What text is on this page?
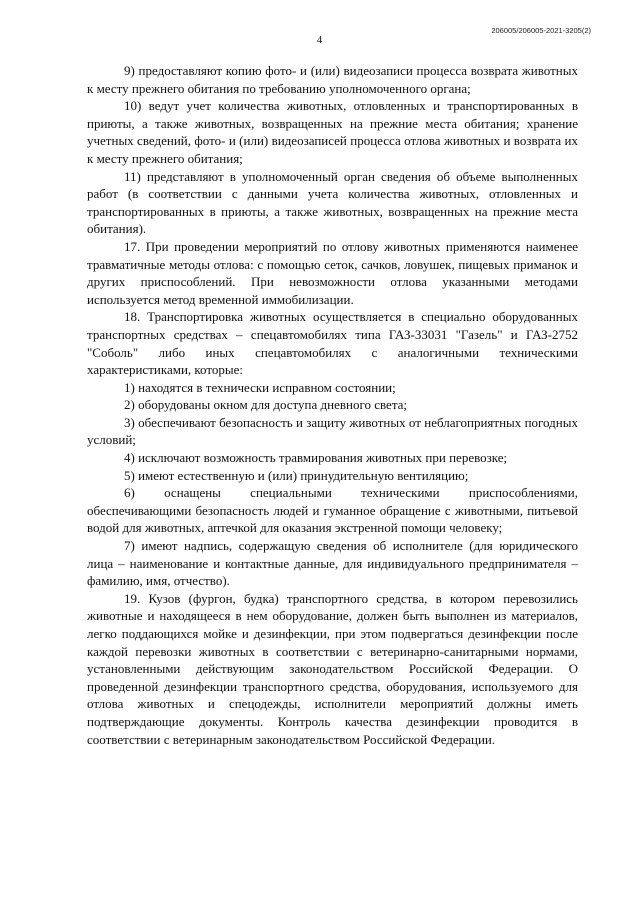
206005/206005-2021-3205(2)
4

9) предоставляют копию фото- и (или) видеозаписи процесса возврата животных к месту прежнего обитания по требованию уполномоченного органа;

10) ведут учет количества животных, отловленных и транспортированных в приюты, а также животных, возвращенных на прежние места обитания; хранение учетных сведений, фото- и (или) видеозаписей процесса отлова животных и возврата их к месту прежнего обитания;

11) представляют в уполномоченный орган сведения об объеме выполненных работ (в соответствии с данными учета количества животных, отловленных и транспортированных в приюты, а также животных, возвращенных на прежние места обитания).

17. При проведении мероприятий по отлову животных применяются наименее травматичные методы отлова: с помощью сеток, сачков, ловушек, пищевых приманок и других приспособлений. При невозможности отлова указанными методами используется метод временной иммобилизации.

18. Транспортировка животных осуществляется в специально оборудованных транспортных средствах – спецавтомобилях типа ГАЗ-33031 "Газель" и ГАЗ-2752 "Соболь" либо иных спецавтомобилях с аналогичными техническими характеристиками, которые:

1) находятся в технически исправном состоянии;

2) оборудованы окном для доступа дневного света;

3) обеспечивают безопасность и защиту животных от неблагоприятных погодных условий;

4) исключают возможность травмирования животных при перевозке;

5) имеют естественную и (или) принудительную вентиляцию;

6) оснащены специальными техническими приспособлениями, обеспечивающими безопасность людей и гуманное обращение с животными, питьевой водой для животных, аптечкой для оказания экстренной помощи человеку;

7) имеют надпись, содержащую сведения об исполнителе (для юридического лица – наименование и контактные данные, для индивидуального предпринимателя – фамилию, имя, отчество).

19. Кузов (фургон, будка) транспортного средства, в котором перевозились животные и находящееся в нем оборудование, должен быть выполнен из материалов, легко поддающихся мойке и дезинфекции, при этом подвергаться дезинфекции после каждой перевозки животных в соответствии с ветеринарно-санитарными нормами, установленными действующим законодательством Российской Федерации. О проведенной дезинфекции транспортного средства, оборудования, используемого для отлова животных и спецодежды, исполнители мероприятий должны иметь подтверждающие документы. Контроль качества дезинфекции проводится в соответствии с ветеринарным законодательством Российской Федерации.
